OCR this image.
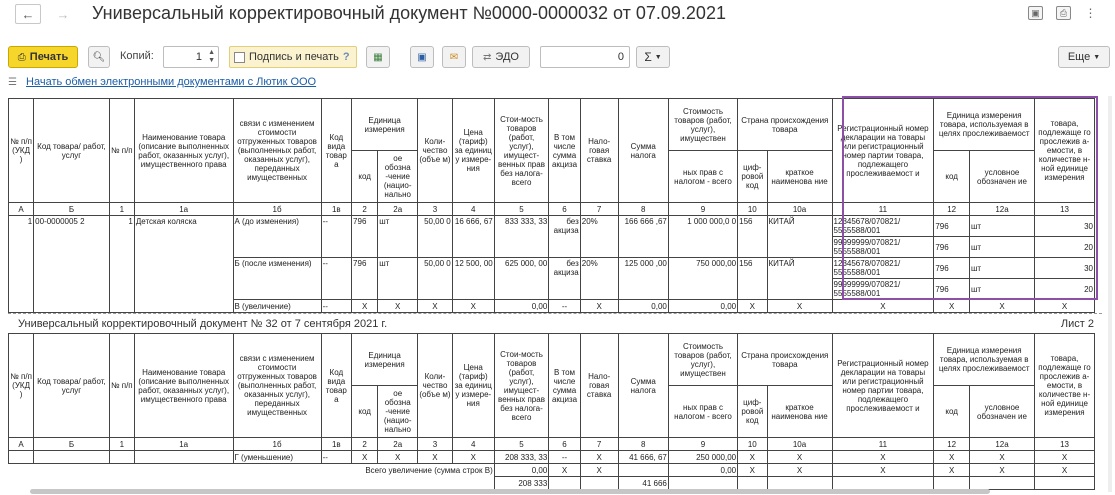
←	→	Универсальный корректировочный документ №0000-0000032 от 07.09.2021	▣	⎙	⋮
⎙ Печать 🔍︎ Копий:	1 ▲
▼	Подпись и печать ? ▦	▣ ✉ ⇄ ЭДО	0 Σ ▼	Еще ▼
☰ Начать обмен электронными документами с Лютик ООО
№ п/п (УКД )	Код товара/ работ, услуг	№ п/п	Наименование товара (описание выполненных работ, оказанных услуг), имущественного права	связи с изменением стоимости отгруженных товаров (выполненных работ, оказанных услуг), переданных имущественных	Код вида товар а	Единица измерения		Коли-чество (объе м)	Цена (тариф) за единиц у измере-ния	Стои-мость товаров (работ, услуг), имущест-венных прав без налога-всего	В том числе сумма акциза	Нало-говая ставка	Сумма налога	Стоимость товаров (работ, услуг), имуществен	Страна происхождения товара		Регистрационный номер декларации на товары или регистрационный номер партии товара, подлежащего прослеживаемост и	Единица измерения товара, используемая в целях прослеживаемост		товара, подлежаще го прослежив а-емости, в количестве н-ной единице измерения
						код	ое обозна -чение (нацио-нально							ных прав с налогом - всего	циф-ровой код	краткое наименова ние		код	условное обозначен ие	
А	Б	1	1а	1б	1в	2	2а	3	4	5	6	7	8	9	10	10а	11	12	12а	13
1	00-0000005 2	1	Детская коляска	А (до изменения)	--	796	шт	50,00 0	16 666, 67	833 333, 33	без акциза	20%	166 666 ,67	1 000 000,0 0	156	КИТАЙ	12345678/070821/ 5555588/001	796	шт	30
																	99999999/070821/ 5555588/001	796	шт	20
				Б (после изменения)	--	796	шт	50,00 0	12 500, 00	625 000, 00	без акциза	20%	125 000 ,00	750 000,00	156	КИТАЙ	12345678/070821/ 5555588/001	796	шт	30
																	99999999/070821/ 5555588/001	796	шт	20
				В (увеличение)	--	X	X	X	X	0,00	--	X	0,00	0,00	X	X	X	X	X	X
Универсальный корректировочный документ № 32 от 7 сентября 2021 г.	Лист 2
№ п/п (УКД )	Код товара/ работ, услуг	№ п/п	Наименование товара (описание выполненных работ, оказанных услуг), имущественного права	связи с изменением стоимости отгруженных товаров (выполненных работ, оказанных услуг), переданных имущественных	Код вида товар а	Единица измерения		Коли-чество (объе м)	Цена (тариф) за единиц у измере-ния	Стои-мость товаров (работ, услуг), имущест-венных прав без налога-всего	В том числе сумма акциза	Нало-говая ставка	Сумма налога	Стоимость товаров (работ, услуг), имуществен	Страна происхождения товара		Регистрационный номер декларации на товары или регистрационный номер партии товара, подлежащего прослеживаемост и	Единица измерения товара, используемая в целях прослеживаемост		товара, подлежаще го прослежив а-емости, в количестве н-ной единице измерения
						код	ое обозна -чение (нацио-нально							ных прав с налогом - всего	циф-ровой код	краткое наименова ние		код	условное обозначен ие	
А	Б	1	1а	1б	1в	2	2а	3	4	5	6	7	8	9	10	10а	11	12	12а	13
				Г (уменьшение)	--	X	X	X	X	208 333, 33	--	X	41 666, 67	250 000,00	X	X	X	X	X	X
Всего увеличение (сумма строк В)										0,00	X	X		0,00	X	X	X	X	X	X
										208 333			41 666							
